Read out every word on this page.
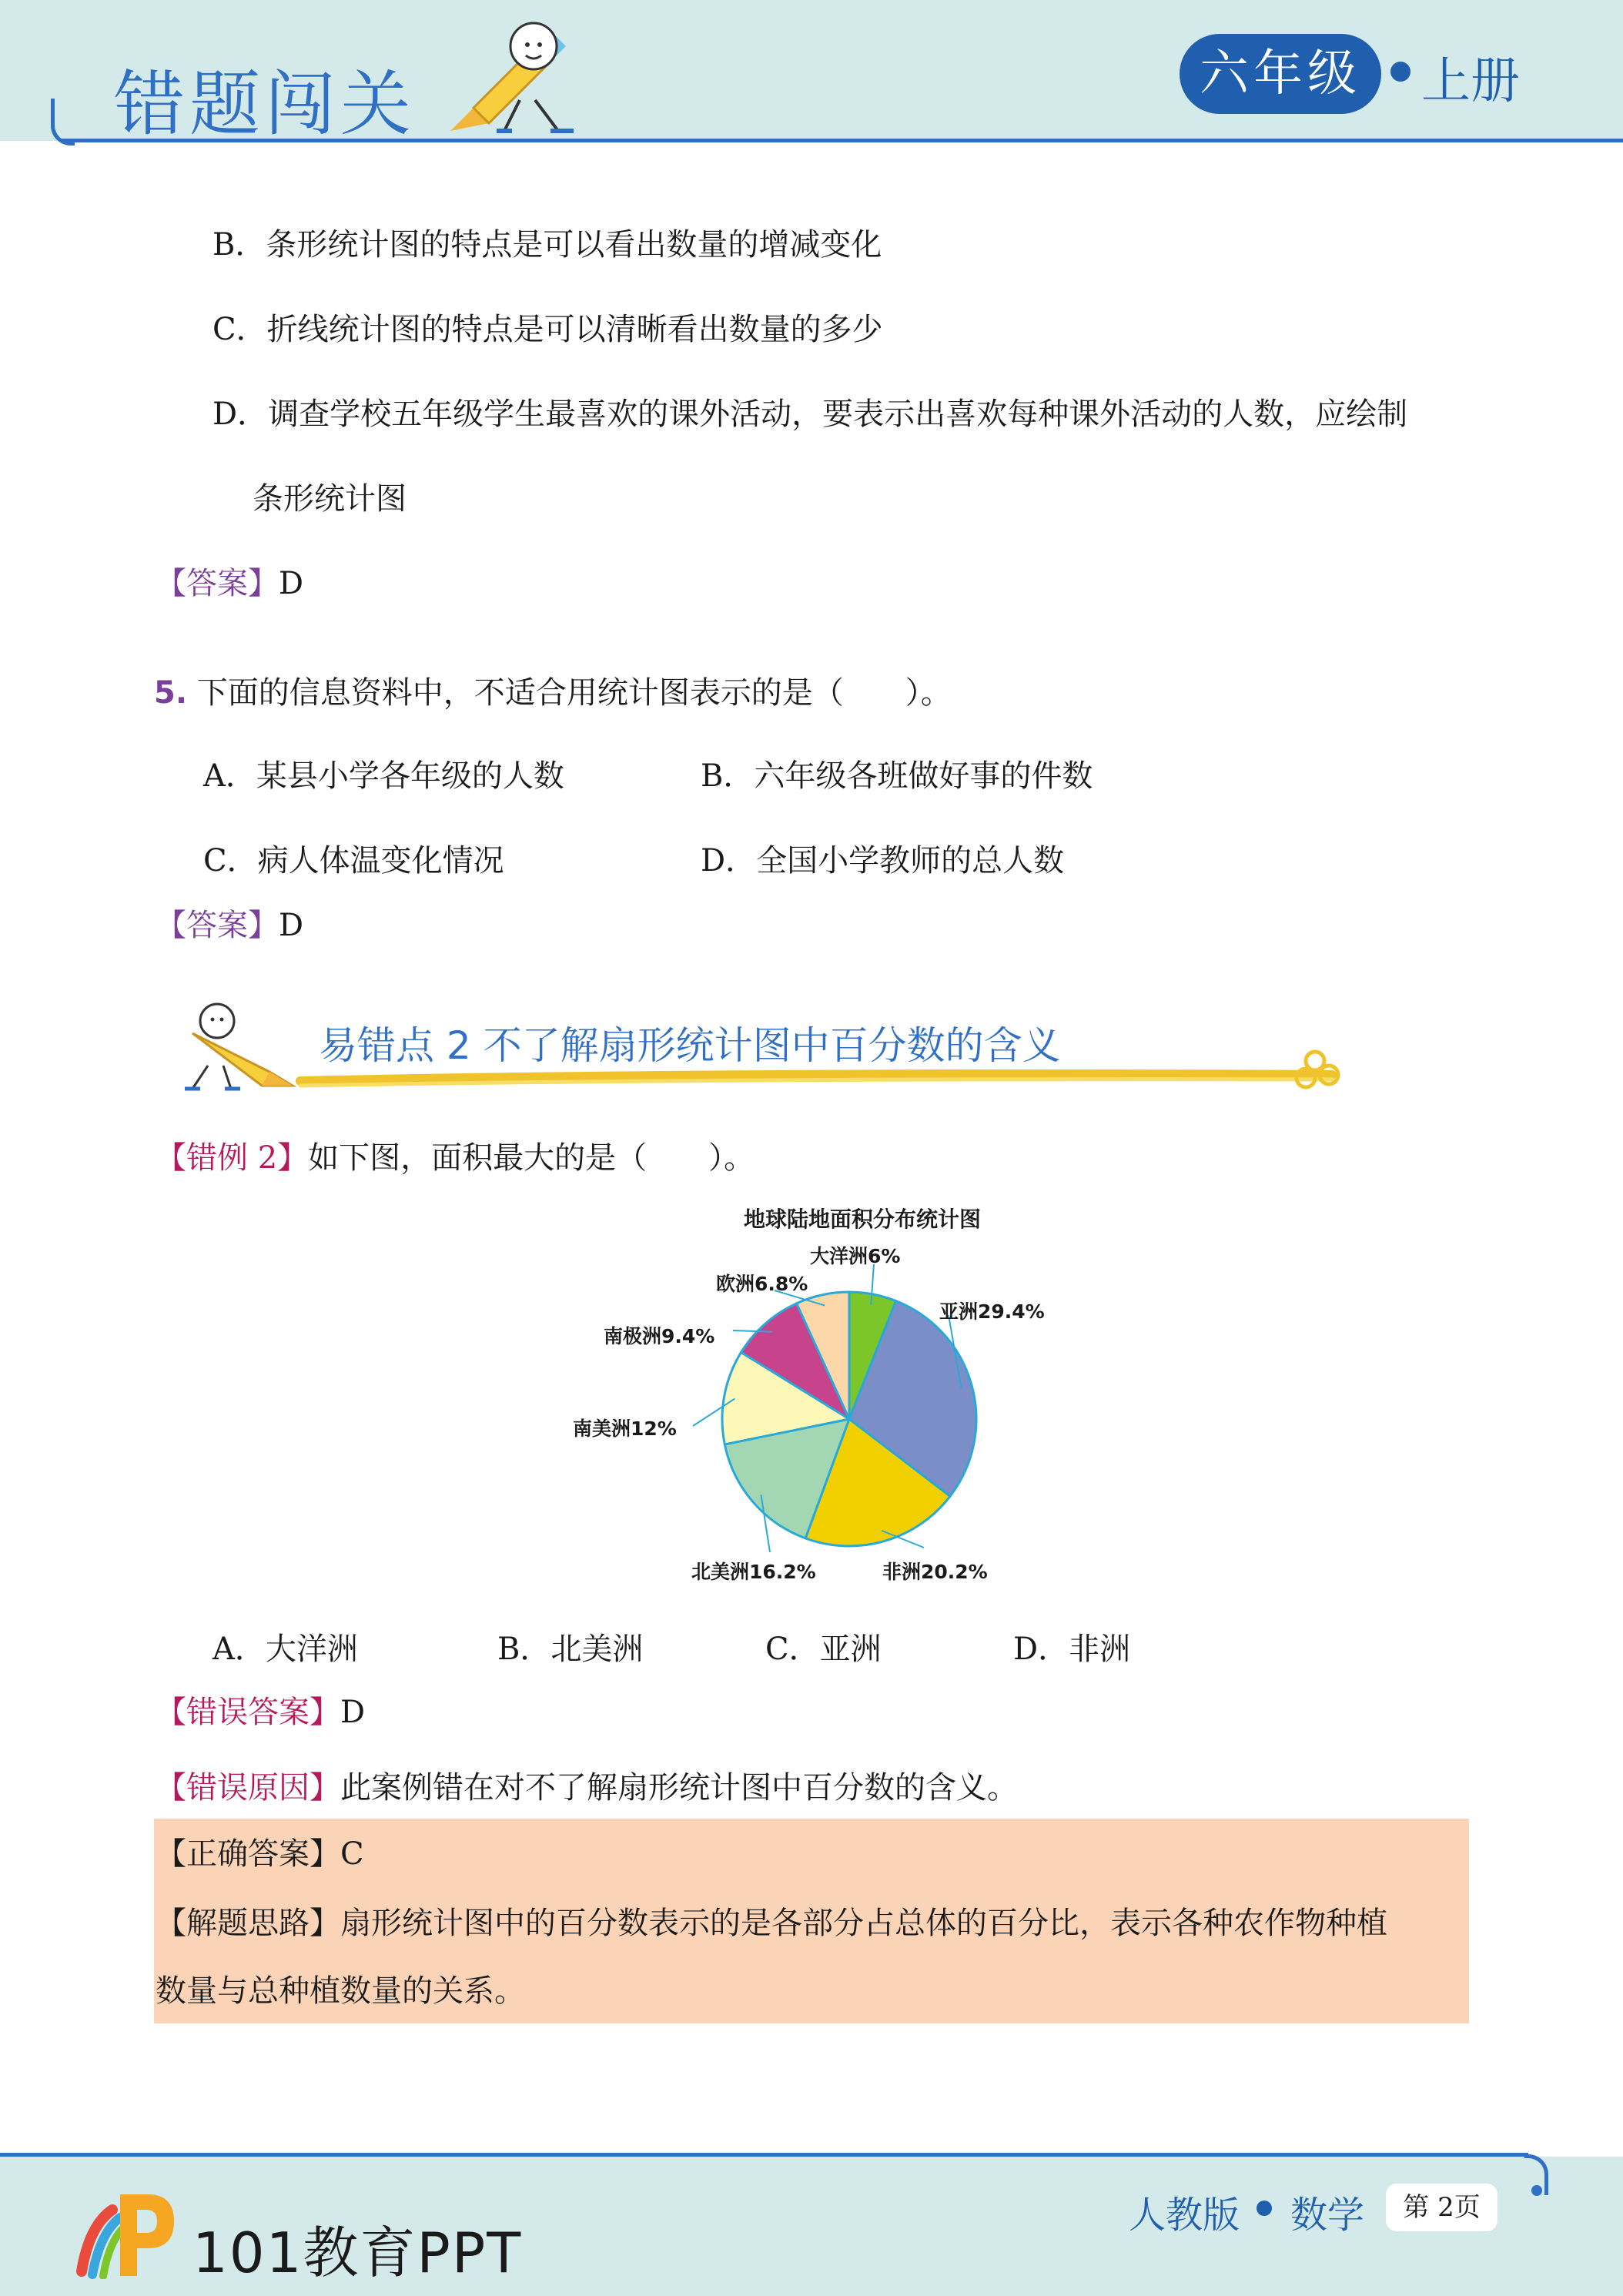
错题闯关	六年级	上册
B．条形统计图的特点是可以看出数量的增减变化
C．折线统计图的特点是可以清晰看出数量的多少
D．调查学校五年级学生最喜欢的课外活动，要表示出喜欢每种课外活动的人数，应绘制
条形统计图
【答案】D
5. 下面的信息资料中，不适合用统计图表示的是（　　）。
A．某县小学各年级的人数	B．六年级各班做好事的件数
C．病人体温变化情况	D．全国小学教师的总人数
【答案】D
易错点 2 不了解扇形统计图中百分数的含义
【错例 2】如下图，面积最大的是（　　）。
地球陆地面积分布统计图
大洋洲6%
亚洲29.4%
非洲20.2%
北美洲16.2%
南美洲12%
南极洲9.4%
欧洲6.8%
A．大洋洲	B．北美洲	C．亚洲	D．非洲
【错误答案】D
【错误原因】此案例错在对不了解扇形统计图中百分数的含义。
【正确答案】C
【解题思路】扇形统计图中的百分数表示的是各部分占总体的百分比，表示各种农作物种植
数量与总种植数量的关系。
101教育PPT
人教版 数学	第 2页
